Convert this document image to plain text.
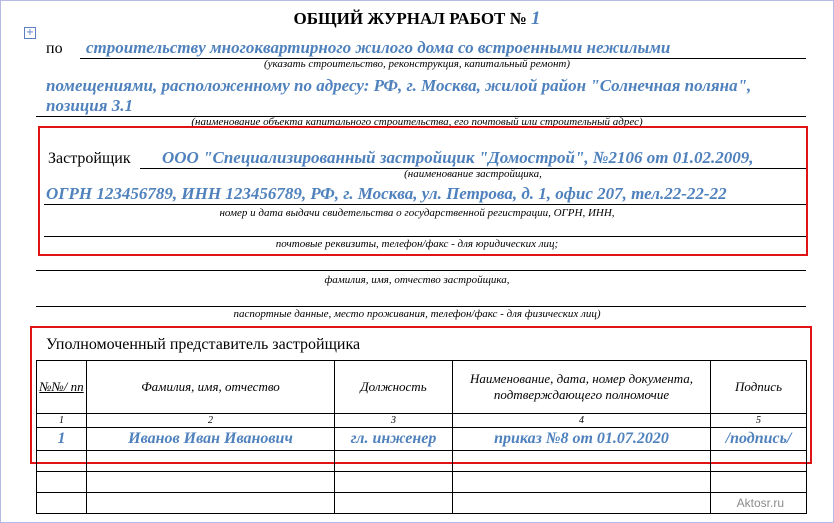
+
ОБЩИЙ ЖУРНАЛ РАБОТ № 1
по строительству многоквартирного жилого дома со встроенными нежилыми
(указать строительство, реконструкция, капитальный ремонт)
помещениями, расположенному по адресу: РФ, г. Москва, жилой район "Солнечная поляна",
позиция 3.1
(наименование объекта капитального строительства, его почтовый или строительный адрес)
Застройщик ООО "Специализированный застройщик "Домострой", №2106 от 01.02.2009,
(наименование застройщика,
ОГРН 123456789, ИНН 123456789, РФ, г. Москва, ул. Петрова, д. 1, офис 207, тел.22-22-22
номер и дата выдачи свидетельства о государственной регистрации, ОГРН, ИНН,
почтовые реквизиты, телефон/факс - для юридических лиц;
фамилия, имя, отчество застройщика,
паспортные данные, место проживания, телефон/факс - для физических лиц)
Уполномоченный представитель застройщика
№№/ пп	Фамилия, имя, отчество	Должность	Наименование, дата, номер документа, подтверждающего полномочие	Подпись
1	2	3	4	5
1	Иванов Иван Иванович	гл. инженер	приказ №8 от 01.07.2020	/подпись/

Aktosr.ru
